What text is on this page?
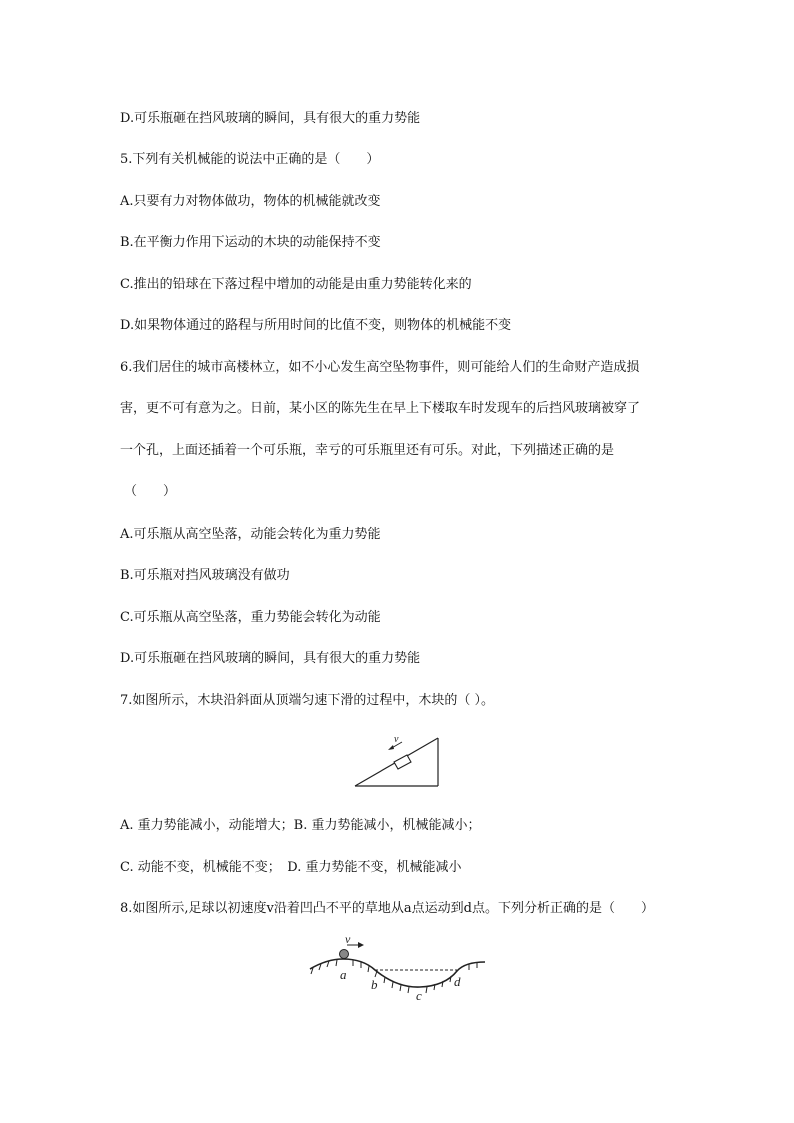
D.可乐瓶砸在挡风玻璃的瞬间，具有很大的重力势能
5.下列有关机械能的说法中正确的是（　　）
A.只要有力对物体做功，物体的机械能就改变
B.在平衡力作用下运动的木块的动能保持不变
C.推出的铅球在下落过程中增加的动能是由重力势能转化来的
D.如果物体通过的路程与所用时间的比值不变，则物体的机械能不变
6.我们居住的城市高楼林立，如不小心发生高空坠物事件，则可能给人们的生命财产造成损
害，更不可有意为之。日前，某小区的陈先生在早上下楼取车时发现车的后挡风玻璃被穿了
一个孔，上面还插着一个可乐瓶，幸亏的可乐瓶里还有可乐。对此，下列描述正确的是
（　　）
A.可乐瓶从高空坠落，动能会转化为重力势能
B.可乐瓶对挡风玻璃没有做功
C.可乐瓶从高空坠落，重力势能会转化为动能
D.可乐瓶砸在挡风玻璃的瞬间，具有很大的重力势能
7.如图所示，木块沿斜面从顶端匀速下滑的过程中，木块的（ ）。
v
A. 重力势能减小，动能增大；B. 重力势能减小，机械能减小；
C. 动能不变，机械能不变；　D. 重力势能不变，机械能减小
8.如图所示,足球以初速度v沿着凹凸不平的草地从a点运动到d点。下列分析正确的是（　　）
v
a
b
c
d
